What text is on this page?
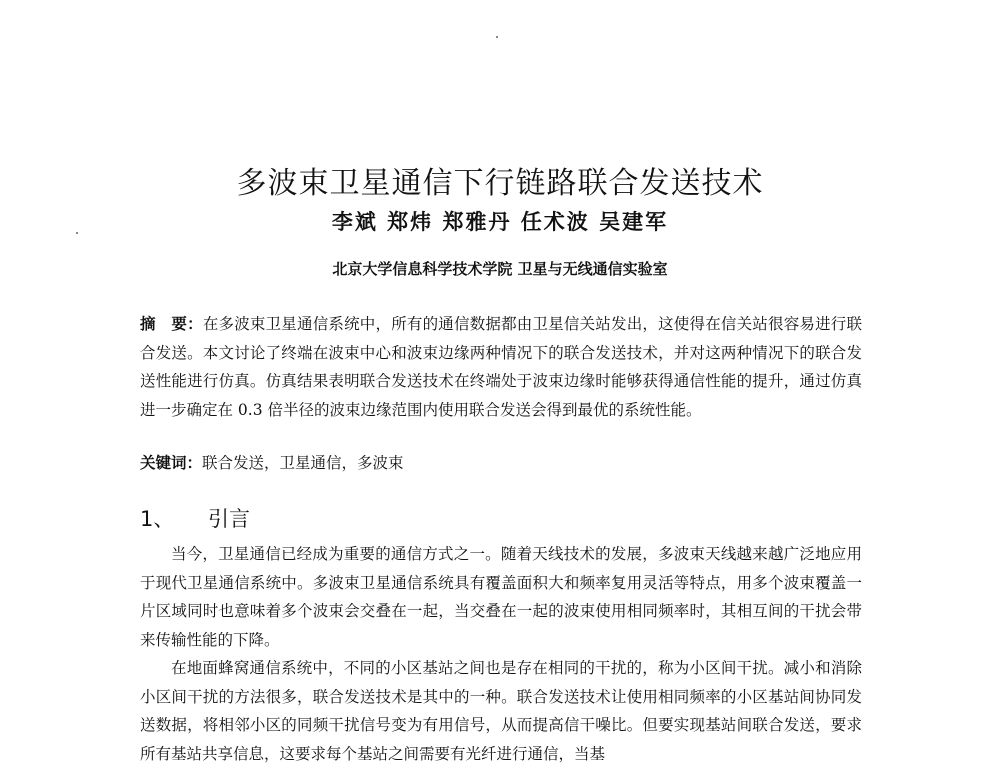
多波束卫星通信下行链路联合发送技术
李斌 郑炜 郑雅丹 任术波 吴建军
北京大学信息科学技术学院 卫星与无线通信实验室
摘　要：在多波束卫星通信系统中，所有的通信数据都由卫星信关站发出，这使得在信关站很容易进行联合发送。本文讨论了终端在波束中心和波束边缘两种情况下的联合发送技术，并对这两种情况下的联合发送性能进行仿真。仿真结果表明联合发送技术在终端处于波束边缘时能够获得通信性能的提升，通过仿真进一步确定在 0.3 倍半径的波束边缘范围内使用联合发送会得到最优的系统性能。
关键词：联合发送，卫星通信，多波束
1、 引言

当今，卫星通信已经成为重要的通信方式之一。随着天线技术的发展，多波束天线越来越广泛地应用于现代卫星通信系统中。多波束卫星通信系统具有覆盖面积大和频率复用灵活等特点，用多个波束覆盖一片区域同时也意味着多个波束会交叠在一起，当交叠在一起的波束使用相同频率时，其相互间的干扰会带来传输性能的下降。

在地面蜂窝通信系统中，不同的小区基站之间也是存在相同的干扰的，称为小区间干扰。减小和消除小区间干扰的方法很多，联合发送技术是其中的一种。联合发送技术让使用相同频率的小区基站间协同发送数据，将相邻小区的同频干扰信号变为有用信号，从而提高信干噪比。但要实现基站间联合发送，要求所有基站共享信息，这要求每个基站之间需要有光纤进行通信，当基
